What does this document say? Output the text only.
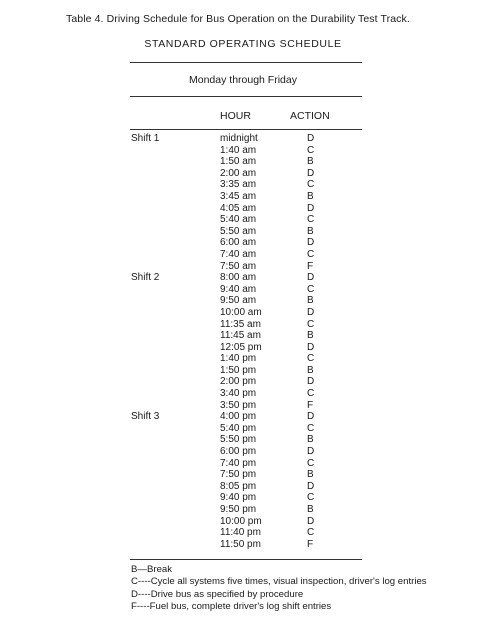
Table 4. Driving Schedule for Bus Operation on the Durability Test Track.
STANDARD OPERATING SCHEDULE
Monday through Friday
HOUR	ACTION
Shift 1	midnight	D
1:40 am	C
1:50 am	B
2:00 am	D
3:35 am	C
3:45 am	B
4:05 am	D
5:40 am	C
5:50 am	B
6:00 am	D
7:40 am	C
7:50 am	F
Shift 2	8:00 am	D
9:40 am	C
9:50 am	B
10:00 am	D
11:35 am	C
11:45 am	B
12:05 pm	D
1:40 pm	C
1:50 pm	B
2:00 pm	D
3:40 pm	C
3:50 pm	F
Shift 3	4:00 pm	D
5:40 pm	C
5:50 pm	B
6:00 pm	D
7:40 pm	C
7:50 pm	B
8:05 pm	D
9:40 pm	C
9:50 pm	B
10:00 pm	D
11:40 pm	C
11:50 pm	F
B—Break
C----Cycle all systems five times, visual inspection, driver's log entries
D----Drive bus as specified by procedure
F----Fuel bus, complete driver's log shift entries
